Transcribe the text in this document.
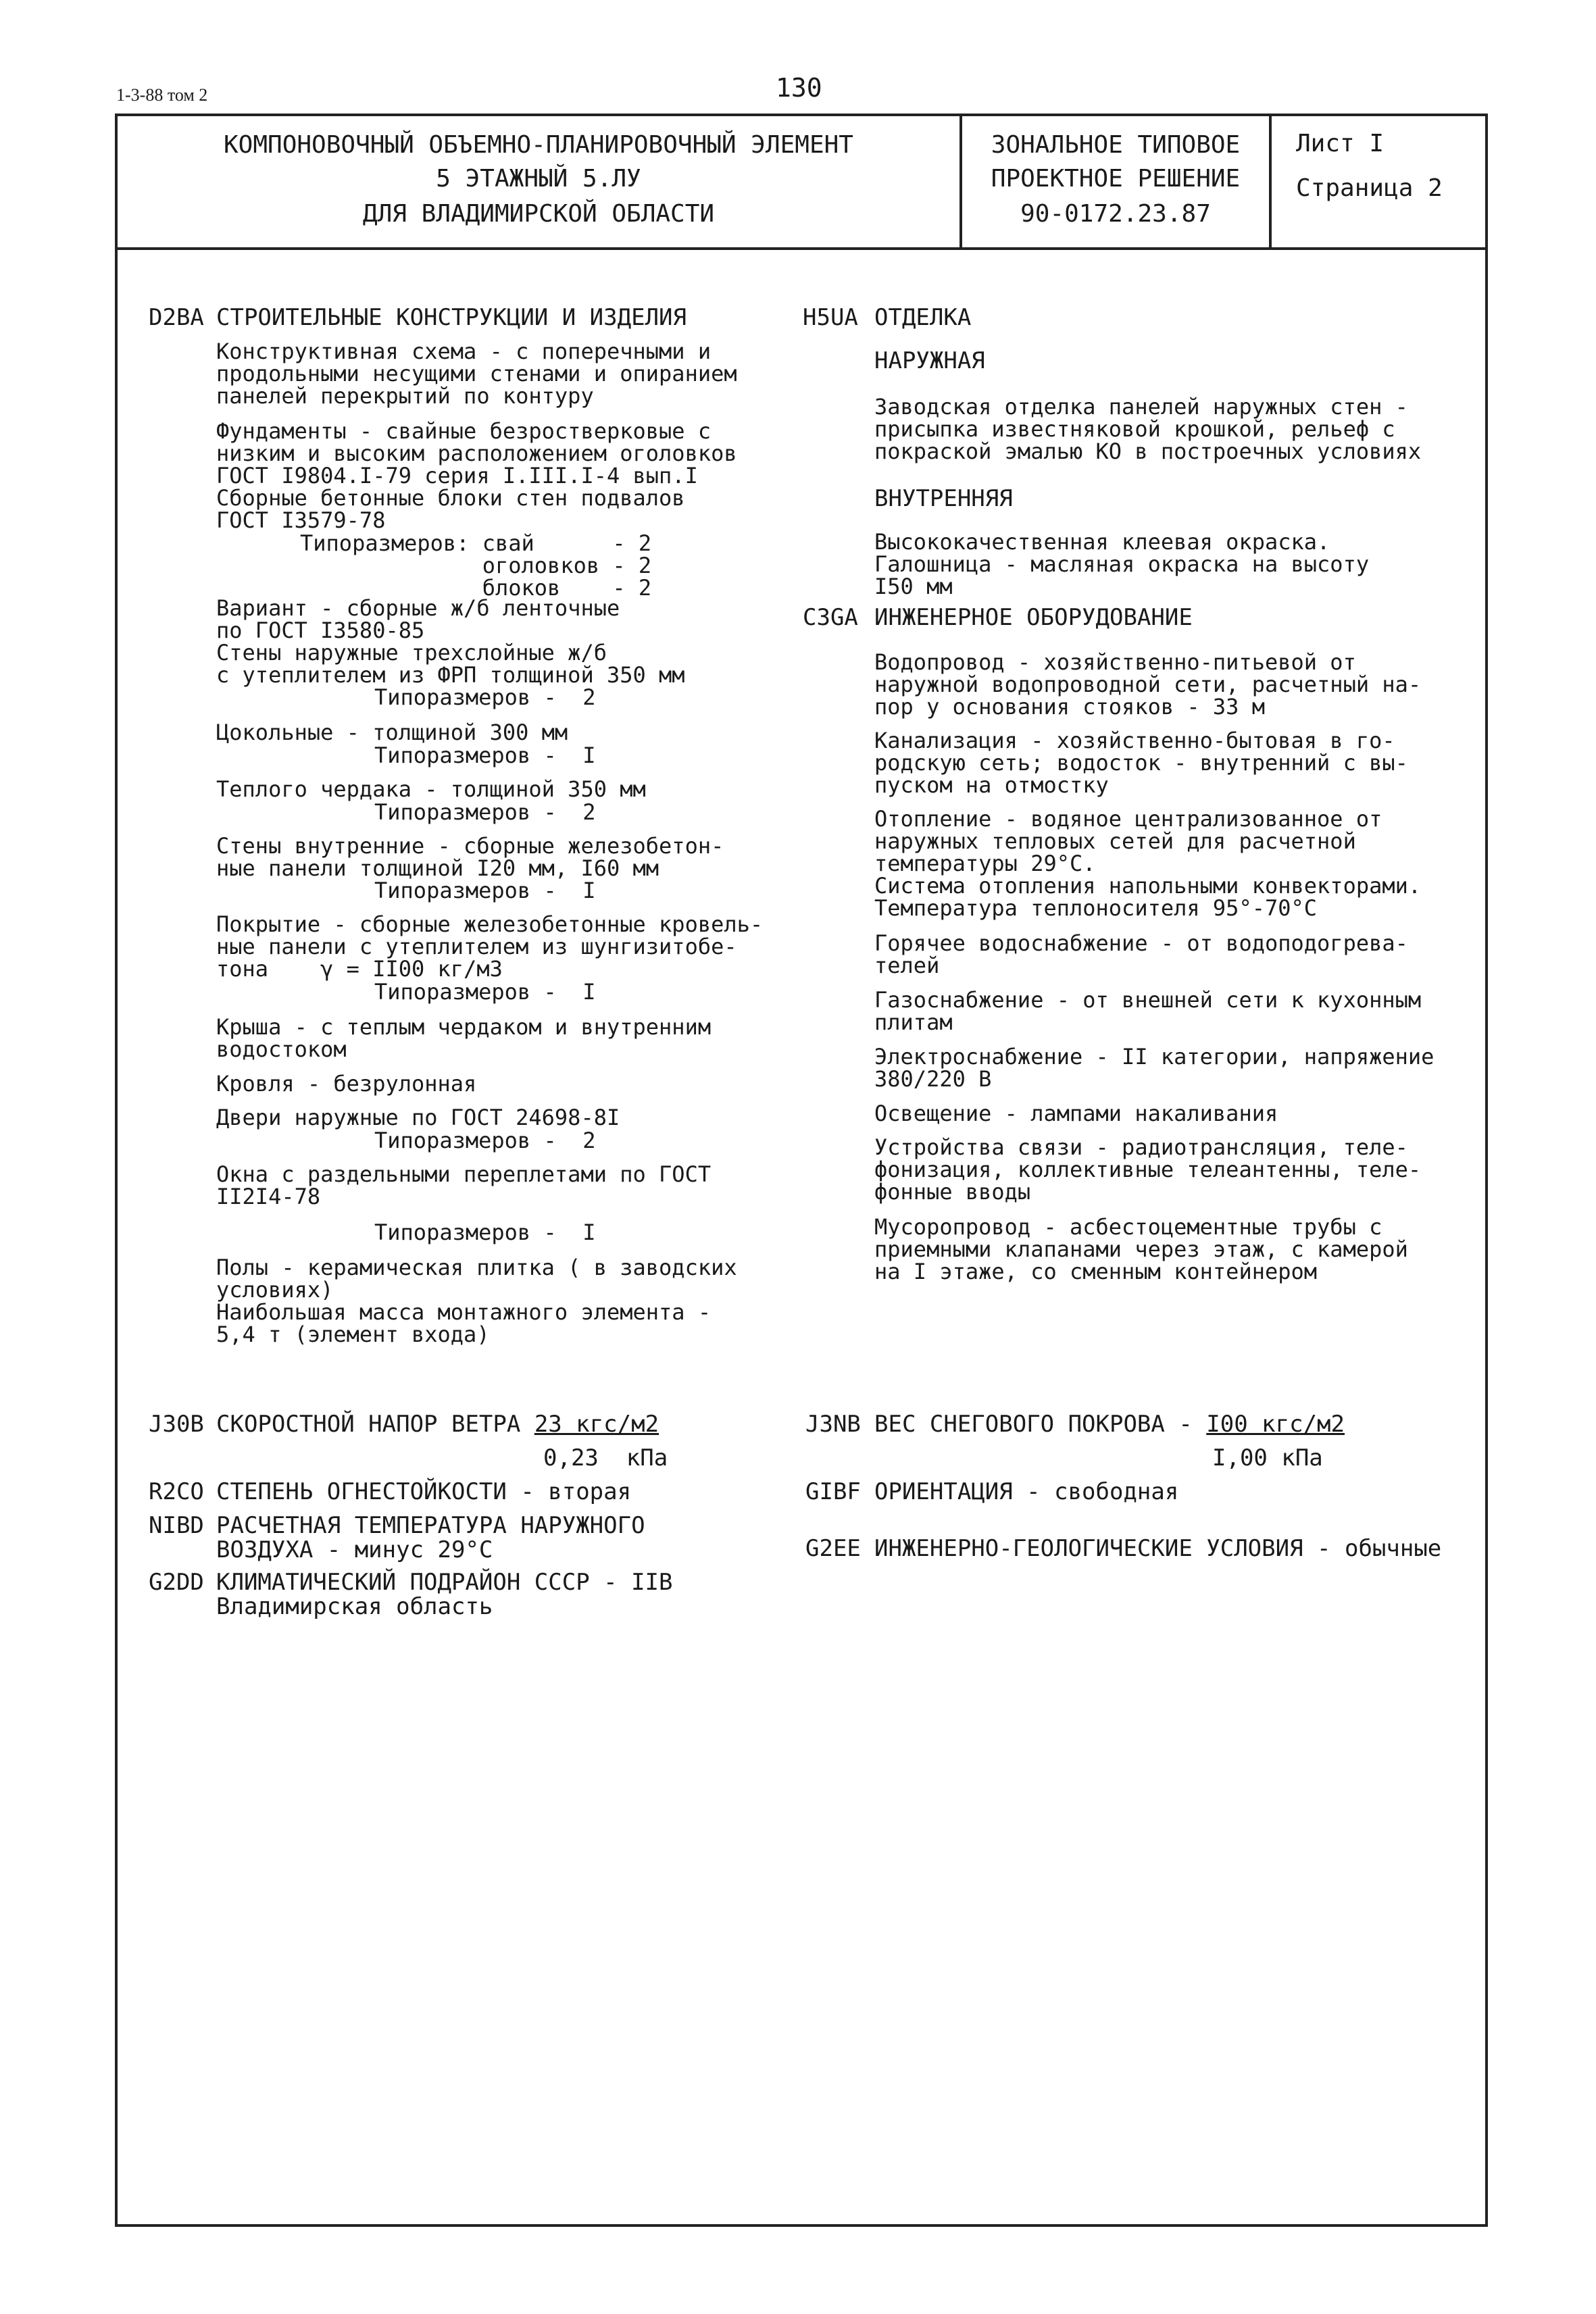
1-3-88 том 2	130
КОМПОНОВОЧНЫЙ ОБЪЕМНО-ПЛАНИРОВОЧНЫЙ ЭЛЕМЕНТ
5 ЭТАЖНЫЙ 5.ЛУ
ДЛЯ ВЛАДИМИРСКОЙ ОБЛАСТИ
ЗОНАЛЬНОЕ ТИПОВОЕ
ПРОЕКТНОЕ РЕШЕНИЕ
90-0172.23.87
Лист I
Страница 2
D2BA СТРОИТЕЛЬНЫЕ КОНСТРУКЦИИ И ИЗДЕЛИЯ
Конструктивная схема - с поперечными и
продольными несущими стенами и опиранием
панелей перекрытий по контуру
Фундаменты - свайные безростверковые с
низким и высоким расположением оголовков
ГОСТ I9804.I-79 серия I.III.I-4 вып.I
Сборные бетонные блоки стен подвалов
ГОСТ I3579-78
Типоразмеров: свай      - 2
оголовков - 2
блоков    - 2
Вариант - сборные ж/б ленточные
по ГОСТ I3580-85
Стены наружные трехслойные ж/б
с утеплителем из ФРП толщиной 350 мм
Типоразмеров -  2
Цокольные - толщиной 300 мм
Типоразмеров -  I
Теплого чердака - толщиной 350 мм
Типоразмеров -  2
Стены внутренние - сборные железобетон-
ные панели толщиной I20 мм, I60 мм
Типоразмеров -  I
Покрытие - сборные железобетонные кровель-
ные панели с утеплителем из шунгизитобе-
тона    γ = II00 кг/м3
Типоразмеров -  I
Крыша - с теплым чердаком и внутренним
водостоком
Кровля - безрулонная
Двери наружные по ГОСТ 24698-8I
Типоразмеров -  2
Окна с раздельными переплетами по ГОСТ
II2I4-78
Типоразмеров -  I
Полы - керамическая плитка ( в заводских
условиях)
Наибольшая масса монтажного элемента -
5,4 т (элемент входа)
H5UA ОТДЕЛКА
НАРУЖНАЯ
Заводская отделка панелей наружных стен -
присыпка известняковой крошкой, рельеф с
покраской эмалью КО в построечных условиях
ВНУТРЕННЯЯ
Высококачественная клеевая окраска.
Галошница - масляная окраска на высоту
I50 мм
C3GA ИНЖЕНЕРНОЕ ОБОРУДОВАНИЕ
Водопровод - хозяйственно-питьевой от
наружной водопроводной сети, расчетный на-
пор у основания стояков - 33 м
Канализация - хозяйственно-бытовая в го-
родскую сеть; водосток - внутренний с вы-
пуском на отмостку
Отопление - водяное централизованное от
наружных тепловых сетей для расчетной
температуры 29°С.
Система отопления напольными конвекторами.
Температура теплоносителя 95°-70°С
Горячее водоснабжение - от водоподогрева-
телей
Газоснабжение - от внешней сети к кухонным
плитам
Электроснабжение - II категории, напряжение
380/220 В
Освещение - лампами накаливания
Устройства связи - радиотрансляция, теле-
фонизация, коллективные телеантенны, теле-
фонные вводы
Мусоропровод - асбестоцементные трубы с
приемными клапанами через этаж, с камерой
на I этаже, со сменным контейнером
J30B СКОРОСТНОЙ НАПОР ВЕТРА 23 кгс/м2
0,23  кПа
R2CO СТЕПЕНЬ ОГНЕСТОЙКОСТИ - вторая
NIBD РАСЧЕТНАЯ ТЕМПЕРАТУРА НАРУЖНОГО
ВОЗДУХА - минус 29°С
G2DD КЛИМАТИЧЕСКИЙ ПОДРАЙОН СССР - IIВ
Владимирская область
J3NB ВЕС СНЕГОВОГО ПОКРОВА - I00 кгс/м2
I,00 кПа
GIBF ОРИЕНТАЦИЯ - свободная
G2EE ИНЖЕНЕРНО-ГЕОЛОГИЧЕСКИЕ УСЛОВИЯ - обычные
